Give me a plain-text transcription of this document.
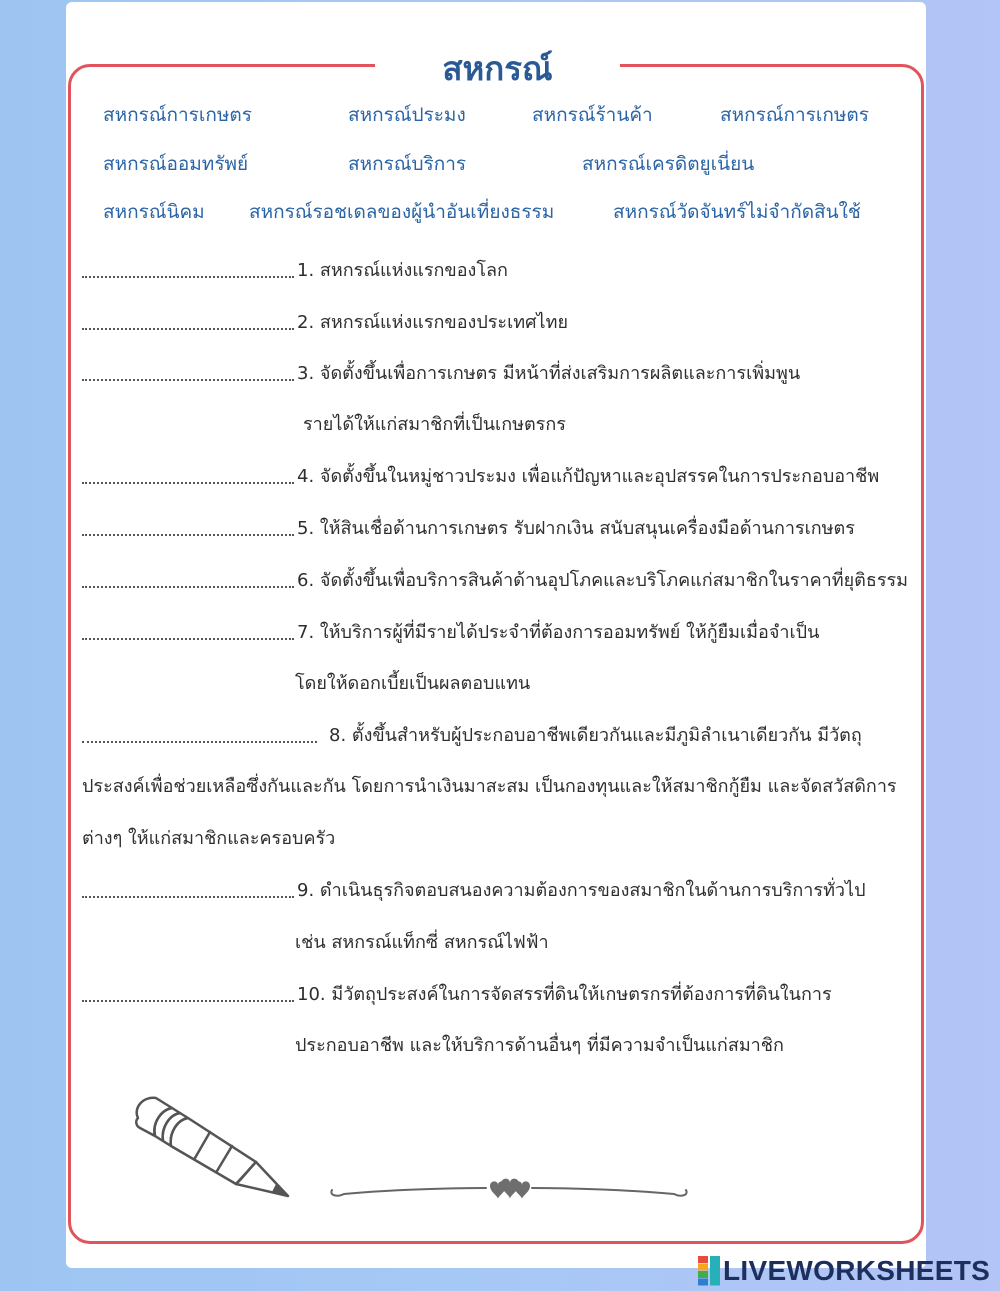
สหกรณ์
สหกรณ์การเกษตร	สหกรณ์ประมง	สหกรณ์ร้านค้า	สหกรณ์การเกษตร
สหกรณ์ออมทรัพย์	สหกรณ์บริการ	สหกรณ์เครดิตยูเนี่ยน
สหกรณ์นิคม สหกรณ์รอชเดลของผู้นำอันเที่ยงธรรม	สหกรณ์วัดจันทร์ไม่จำกัดสินใช้
1. สหกรณ์แห่งแรกของโลก
2. สหกรณ์แห่งแรกของประเทศไทย
3. จัดตั้งขึ้นเพื่อการเกษตร มีหน้าที่ส่งเสริมการผลิตและการเพิ่มพูน
รายได้ให้แก่สมาชิกที่เป็นเกษตรกร
4. จัดตั้งขึ้นในหมู่ชาวประมง เพื่อแก้ปัญหาและอุปสรรคในการประกอบอาชีพ
5. ให้สินเชื่อด้านการเกษตร รับฝากเงิน สนับสนุนเครื่องมือด้านการเกษตร
6. จัดตั้งขึ้นเพื่อบริการสินค้าด้านอุปโภคและบริโภคแก่สมาชิกในราคาที่ยุติธรรม
7. ให้บริการผู้ที่มีรายได้ประจำที่ต้องการออมทรัพย์ ให้กู้ยืมเมื่อจำเป็น
โดยให้ดอกเบี้ยเป็นผลตอบแทน
8. ตั้งขึ้นสำหรับผู้ประกอบอาชีพเดียวกันและมีภูมิลำเนาเดียวกัน มีวัตถุ
ประสงค์เพื่อช่วยเหลือซึ่งกันและกัน โดยการนำเงินมาสะสม เป็นกองทุนและให้สมาชิกกู้ยืม และจัดสวัสดิการ
ต่างๆ ให้แก่สมาชิกและครอบครัว
9. ดำเนินธุรกิจตอบสนองความต้องการของสมาชิกในด้านการบริการทั่วไป
เช่น สหกรณ์แท็กซี่ สหกรณ์ไฟฟ้า
10. มีวัตถุประสงค์ในการจัดสรรที่ดินให้เกษตรกรที่ต้องการที่ดินในการ
ประกอบอาชีพ และให้บริการด้านอื่นๆ ที่มีความจำเป็นแก่สมาชิก
LIVEWORKSHEETS
